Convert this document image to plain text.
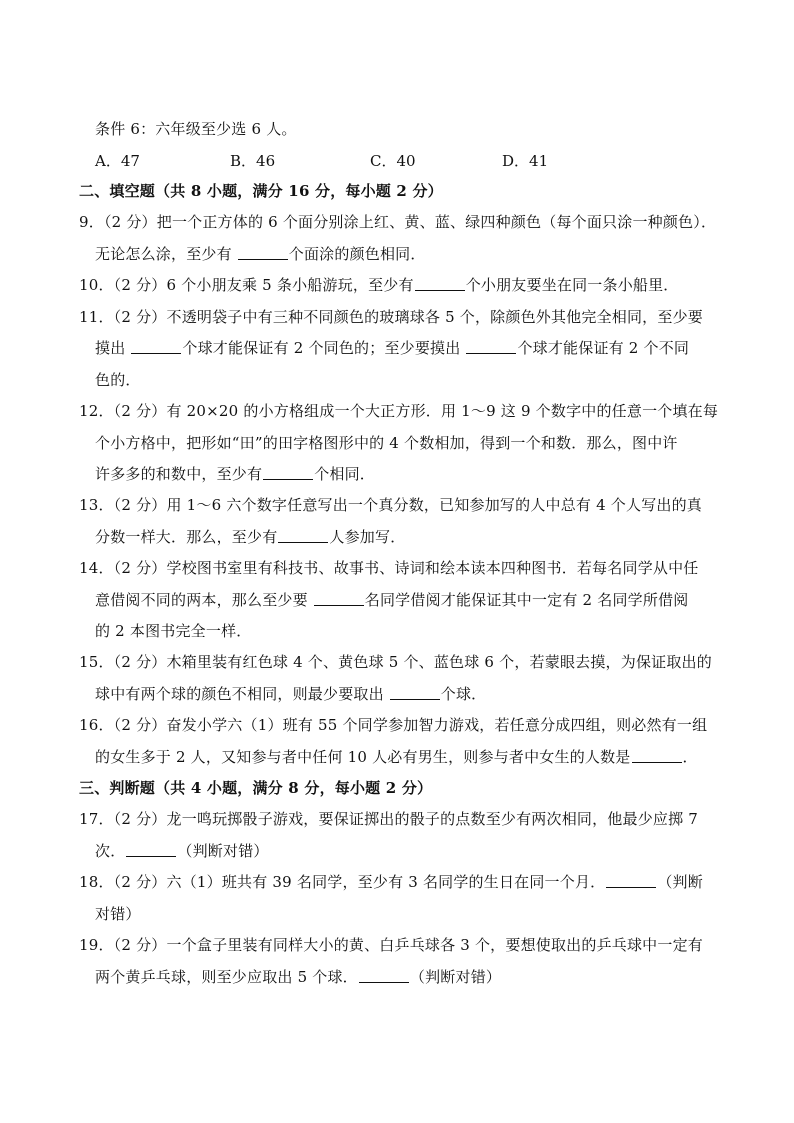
条件 6：六年级至少选 6 人。
A．47	B．46	C．40	D．41
二、填空题（共 8 小题，满分 16 分，每小题 2 分）
9．（2 分）把一个正方体的 6 个面分别涂上红、黄、蓝、绿四种颜色（每个面只涂一种颜色）．
无论怎么涂，至少有	个面涂的颜色相同．
10．（2 分）6 个小朋友乘 5 条小船游玩，至少有	个小朋友要坐在同一条小船里．
11．（2 分）不透明袋子中有三种不同颜色的玻璃球各 5 个，除颜色外其他完全相同，至少要
摸出	个球才能保证有 2 个同色的；至少要摸出	个球才能保证有 2 个不同
色的．
12．（2 分）有 20×20 的小方格组成一个大正方形．用 1～9 这 9 个数字中的任意一个填在每
个小方格中，把形如“田”的田字格图形中的 4 个数相加，得到一个和数．那么，图中许
许多多的和数中，至少有	个相同．
13．（2 分）用 1～6 六个数字任意写出一个真分数，已知参加写的人中总有 4 个人写出的真
分数一样大．那么，至少有	人参加写．
14．（2 分）学校图书室里有科技书、故事书、诗词和绘本读本四种图书．若每名同学从中任
意借阅不同的两本，那么至少要	名同学借阅才能保证其中一定有 2 名同学所借阅
的 2 本图书完全一样．
15．（2 分）木箱里装有红色球 4 个、黄色球 5 个、蓝色球 6 个，若蒙眼去摸，为保证取出的
球中有两个球的颜色不相同，则最少要取出	个球．
16．（2 分）奋发小学六（1）班有 55 个同学参加智力游戏，若任意分成四组，则必然有一组
的女生多于 2 人，又知参与者中任何 10 人必有男生，则参与者中女生的人数是	．
三、判断题（共 4 小题，满分 8 分，每小题 2 分）
17．（2 分）龙一鸣玩掷骰子游戏，要保证掷出的骰子的点数至少有两次相同，他最少应掷 7
次．	（判断对错）
18．（2 分）六（1）班共有 39 名同学，至少有 3 名同学的生日在同一个月．	（判断
对错）
19．（2 分）一个盒子里装有同样大小的黄、白乒乓球各 3 个，要想使取出的乒乓球中一定有
两个黄乒乓球，则至少应取出 5 个球．	（判断对错）
